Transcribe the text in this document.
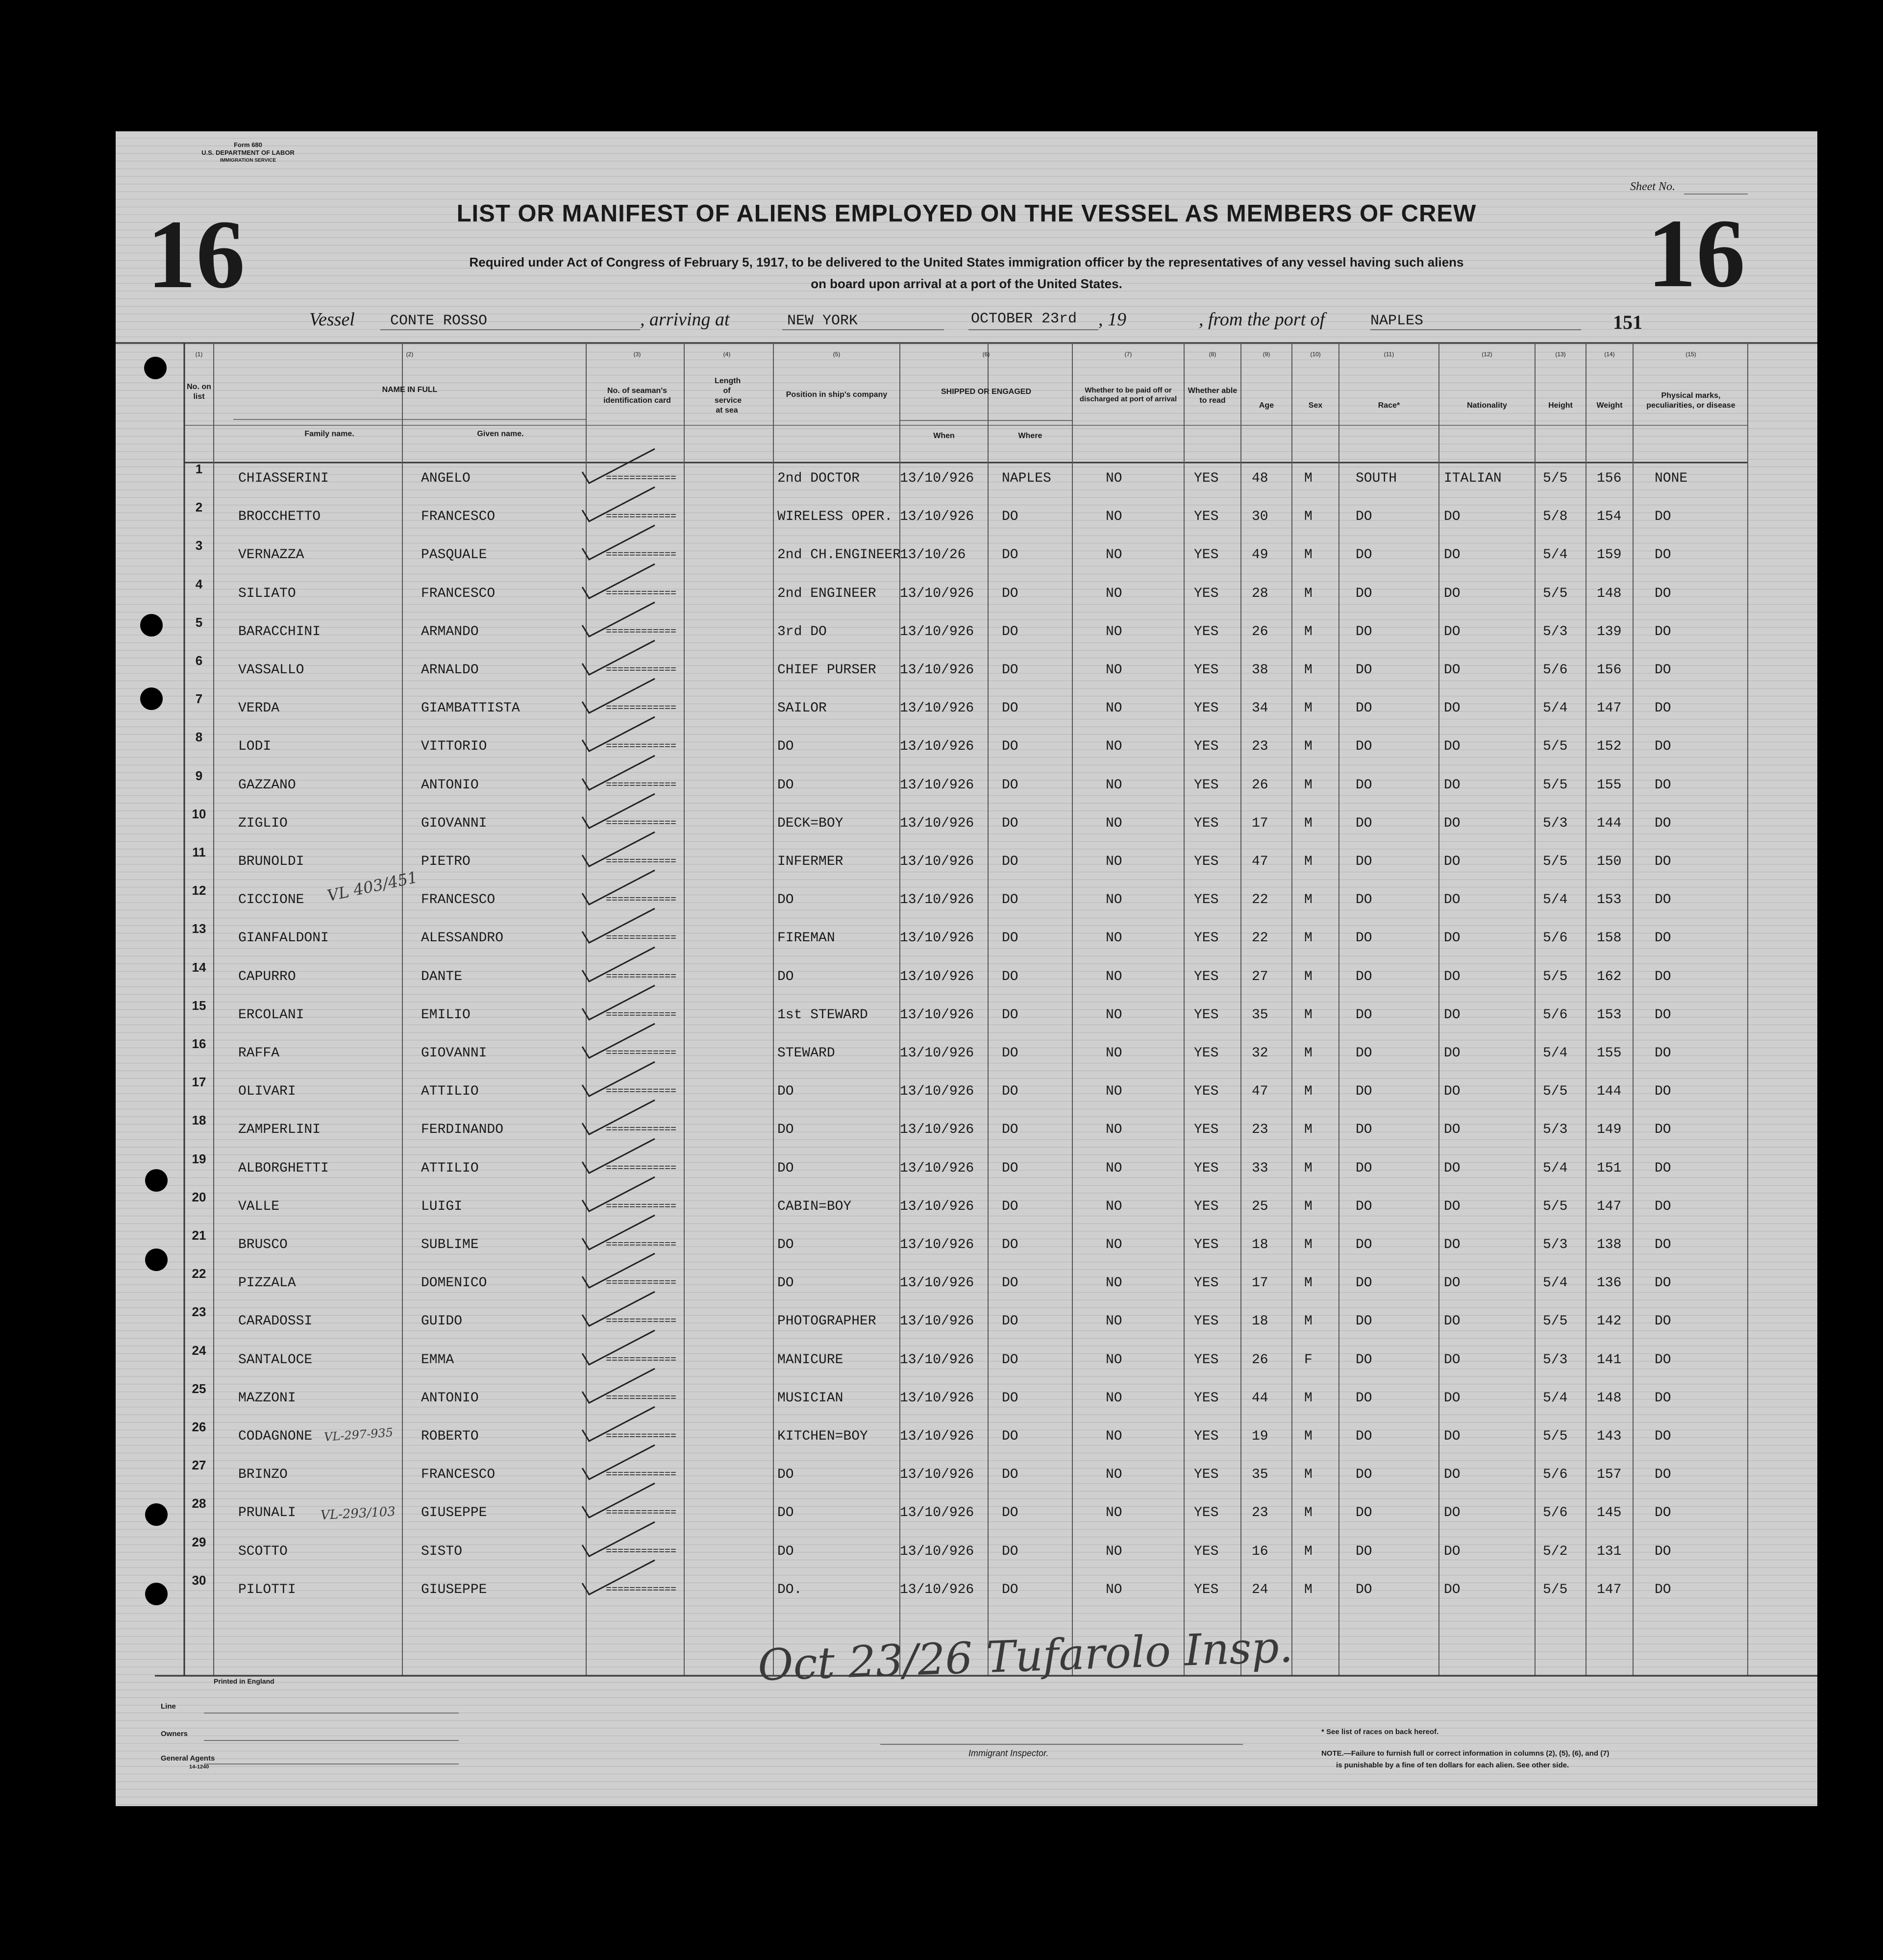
Form 680
U.S. DEPARTMENT OF LABOR
IMMIGRATION SERVICE
Sheet No.
16	16
LIST OR MANIFEST OF ALIENS EMPLOYED ON THE VESSEL AS MEMBERS OF CREW
Required under Act of Congress of February 5, 1917, to be delivered to the United States immigration officer by the representatives of any vessel having such aliens
on board upon arrival at a port of the United States.
Vessel CONTE ROSSO	, arriving at	NEW YORK	OCTOBER 23rd , 19	, from the port of	NAPLES	151
(1)
No. on list
(2)
NAME IN FULL
Family name.	Given name.
(3)
No. of seaman's identification card
(4)
Length of service at sea
(5)
Position in ship's company
(6)
SHIPPED OR ENGAGED
When	Where
(7)
Whether to be paid off or discharged at port of arrival
(8)
Whether able to read
(9)
Age
(10)
Sex
(11)
Race*
(12)
Nationality
(13)
Height
(14)
Weight
(15)
Physical marks, peculiarities, or disease
1
CHIASSERINI	ANGELO	============	2nd DOCTOR	13/10/926 NAPLES	NO	YES 48	M	SOUTH	ITALIAN	5/5 156 NONE
2
BROCCHETTO	FRANCESCO	============	WIRELESS OPER. 13/10/926 DO	NO	YES 30	M	DO	DO	5/8 154 DO
3
VERNAZZA	PASQUALE	============	2nd CH.ENGINEER
13/10/26	DO	NO	YES 49	M	DO	DO	5/4 159 DO
4
SILIATO	FRANCESCO	============	2nd ENGINEER 13/10/926 DO	NO	YES 28	M	DO	DO	5/5 148 DO
5
BARACCHINI	ARMANDO	============	3rd DO	13/10/926 DO	NO	YES 26	M	DO	DO	5/3 139 DO
6
VASSALLO	ARNALDO	============	CHIEF PURSER 13/10/926 DO	NO	YES 38	M	DO	DO	5/6 156 DO
7
VERDA	GIAMBATTISTA	============	SAILOR	13/10/926 DO	NO	YES 34	M	DO	DO	5/4 147 DO
8
LODI	VITTORIO	============	DO	13/10/926 DO	NO	YES 23	M	DO	DO	5/5 152 DO
9
GAZZANO	ANTONIO	============	DO	13/10/926 DO	NO	YES 26	M	DO	DO	5/5 155 DO
10
ZIGLIO	GIOVANNI	============	DECK=BOY	13/10/926 DO	NO	YES 17	M	DO	DO	5/3 144 DO
11
BRUNOLDI	PIETRO	============	INFERMER	13/10/926 DO	NO	YES 47	M	DO	DO	5/5 150 DO
12
CICCIONE	FRANCESCO	============	DO	13/10/926 DO	NO	YES 22	M	DO	DO	5/4 153 DO
13
GIANFALDONI	ALESSANDRO	============	FIREMAN	13/10/926 DO	NO	YES 22	M	DO	DO	5/6 158 DO
14
CAPURRO	DANTE	============	DO	13/10/926 DO	NO	YES 27	M	DO	DO	5/5 162 DO
15
ERCOLANI	EMILIO	============	1st STEWARD 13/10/926 DO	NO	YES 35	M	DO	DO	5/6 153 DO
16
RAFFA	GIOVANNI	============	STEWARD	13/10/926 DO	NO	YES 32	M	DO	DO	5/4 155 DO
17
OLIVARI	ATTILIO	============	DO	13/10/926 DO	NO	YES 47	M	DO	DO	5/5 144 DO
18
ZAMPERLINI	FERDINANDO	============	DO	13/10/926 DO	NO	YES 23	M	DO	DO	5/3 149 DO
19
ALBORGHETTI	ATTILIO	============	DO	13/10/926 DO	NO	YES 33	M	DO	DO	5/4 151 DO
20
VALLE	LUIGI	============	CABIN=BOY	13/10/926 DO	NO	YES 25	M	DO	DO	5/5 147 DO
21
BRUSCO	SUBLIME	============	DO	13/10/926 DO	NO	YES 18	M	DO	DO	5/3 138 DO
22
PIZZALA	DOMENICO	============	DO	13/10/926 DO	NO	YES 17	M	DO	DO	5/4 136 DO
23
CARADOSSI	GUIDO	============	PHOTOGRAPHER 13/10/926 DO	NO	YES 18	M	DO	DO	5/5 142 DO
24
SANTALOCE	EMMA	============	MANICURE	13/10/926 DO	NO	YES 26	F	DO	DO	5/3 141 DO
25
MAZZONI	ANTONIO	============	MUSICIAN	13/10/926 DO	NO	YES 44	M	DO	DO	5/4 148 DO
26
CODAGNONE	ROBERTO	============	KITCHEN=BOY 13/10/926 DO	NO	YES 19	M	DO	DO	5/5 143 DO
27
BRINZO	FRANCESCO	============	DO	13/10/926 DO	NO	YES 35	M	DO	DO	5/6 157 DO
28
PRUNALI	GIUSEPPE	============	DO	13/10/926 DO	NO	YES 23	M	DO	DO	5/6 145 DO
29
SCOTTO	SISTO	============	DO	13/10/926 DO	NO	YES 16	M	DO	DO	5/2 131 DO
30
PILOTTI	GIUSEPPE	============	DO.	13/10/926 DO	NO	YES 24	M	DO	DO	5/5 147 DO
VL 403/451
VL-297-935
VL-293/103
Oct 23/26 Tufarolo Insp.
Printed in England
Line
Owners
General Agents
14-1240
Immigrant Inspector.
* See list of races on back hereof.
NOTE.—Failure to furnish full or correct information in columns (2), (5), (6), and (7)
is punishable by a fine of ten dollars for each alien. See other side.
